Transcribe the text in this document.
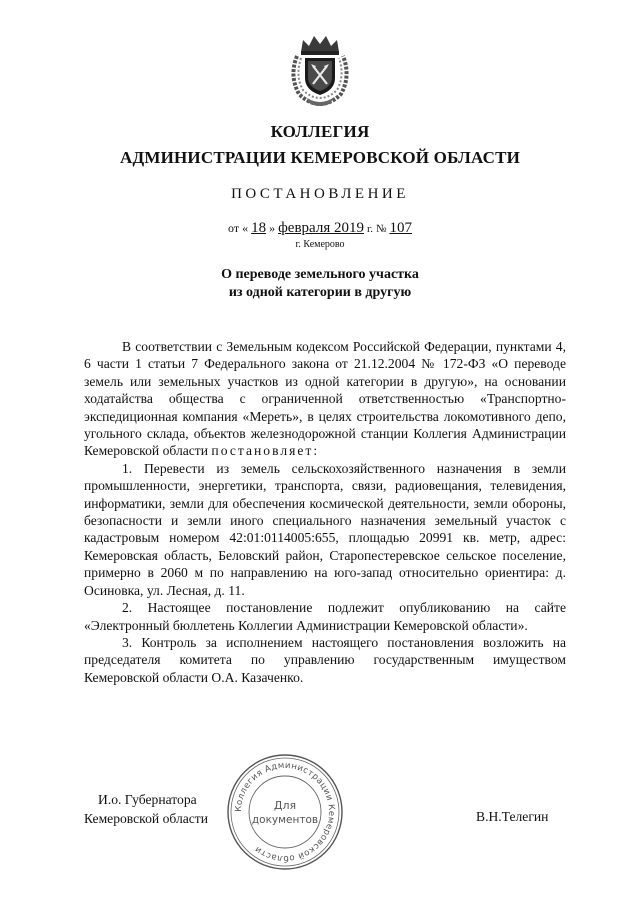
КОЛЛЕГИЯ
АДМИНИСТРАЦИИ КЕМЕРОВСКОЙ ОБЛАСТИ
ПОСТАНОВЛЕНИЕ
от « 18 » февраля 2019 г. № 107
г. Кемерово
О переводе земельного участка
из одной категории в другую

В соответствии с Земельным кодексом Российской Федерации, пунктами 4, 6 части 1 статьи 7 Федерального закона от 21.12.2004 № 172-ФЗ «О переводе земель или земельных участков из одной категории в другую», на основании ходатайства общества с ограниченной ответственностью «Транспортно-экспедиционная компания «Мереть», в целях строительства локомотивного депо, угольного склада, объектов железнодорожной станции Коллегия Администрации Кемеровской области постановляет:

1. Перевести из земель сельскохозяйственного назначения в земли промышленности, энергетики, транспорта, связи, радиовещания, телевидения, информатики, земли для обеспечения космической деятельности, земли обороны, безопасности и земли иного специального назначения земельный участок с кадастровым номером 42:01:0114005:655, площадью 20991 кв. метр, адрес: Кемеровская область, Беловский район, Старопестеревское сельское поселение, примерно в 2060 м по направлению на юго-запад относительно ориентира: д. Осиновка, ул. Лесная, д. 11.

2. Настоящее постановление подлежит опубликованию на сайте «Электронный бюллетень Коллегии Администрации Кемеровской области».

3. Контроль за исполнением настоящего постановления возложить на председателя комитета по управлению государственным имуществом Кемеровской области О.А. Казаченко.

И.о. Губернатора
Кемеровской области
Коллегия Администрации Кемеровской области
Для
документов	В.Н.Телегин
